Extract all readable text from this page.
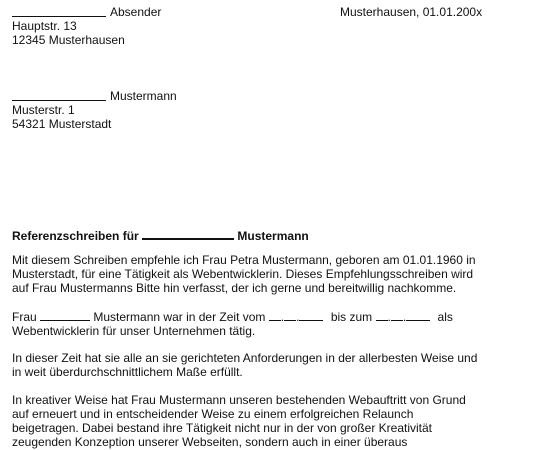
Absender	Musterhausen, 01.01.200x
Hauptstr. 13
12345 Musterhausen
Mustermann
Musterstr. 1
54321 Musterstadt
Referenzschreiben für	Mustermann
Mit diesem Schreiben empfehle ich Frau Petra Mustermann, geboren am 01.01.1960 in Musterstadt, für eine Tätigkeit als Webentwicklerin. Dieses Empfehlungsschreiben wird auf Frau Mustermanns Bitte hin verfasst, der ich gerne und bereitwillig nachkomme.
Frau	Mustermann war in der Zeit vom . .	bis zum . .	als
Webentwicklerin für unser Unternehmen tätig.
In dieser Zeit hat sie alle an sie gerichteten Anforderungen in der allerbesten Weise und in weit überdurchschnittlichem Maße erfüllt.
In kreativer Weise hat Frau Mustermann unseren bestehenden Webauftritt von Grund
auf erneuert und in entscheidender Weise zu einem erfolgreichen Relaunch
beigetragen. Dabei bestand ihre Tätigkeit nicht nur in der von großer Kreativität
zeugenden Konzeption unserer Webseiten, sondern auch in einer überaus
